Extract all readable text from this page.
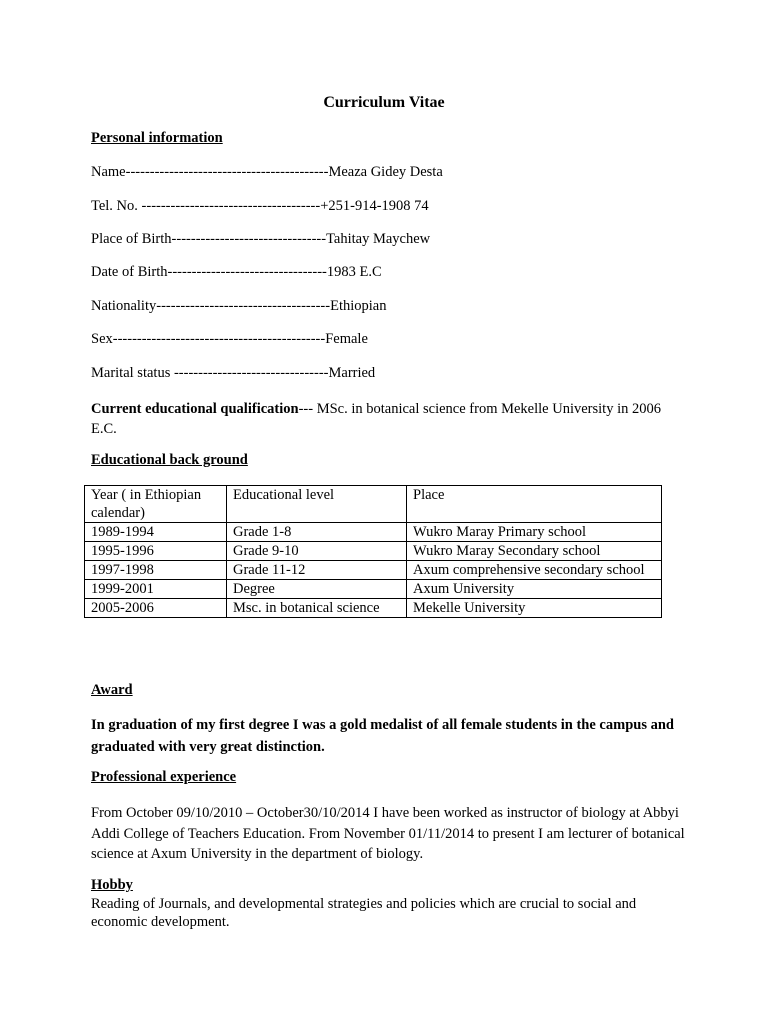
Curriculum Vitae
Personal information
Name------------------------------------------Meaza Gidey Desta
Tel. No. -------------------------------------+251-914-1908 74
Place of Birth--------------------------------Tahitay Maychew
Date of Birth---------------------------------1983 E.C
Nationality------------------------------------Ethiopian
Sex--------------------------------------------Female
Marital status --------------------------------Married
Current educational qualification--- MSc. in botanical science from Mekelle University in 2006 E.C.
Educational back ground
Year ( in Ethiopian calendar)	Educational level	Place
1989-1994	Grade 1-8	Wukro Maray Primary school
1995-1996	Grade 9-10	Wukro Maray Secondary school
1997-1998	Grade 11-12	Axum comprehensive secondary school
1999-2001	Degree	Axum University
2005-2006	Msc. in botanical science	Mekelle University
Award
In graduation of my first degree I was a gold medalist of all female students in the campus and graduated with very great distinction.
Professional experience
From October 09/10/2010 – October30/10/2014 I have been worked as instructor of biology at Abbyi Addi College of Teachers Education. From November 01/11/2014 to present I am lecturer of botanical science at Axum University in the department of biology.
Hobby
Reading of Journals, and developmental strategies and policies which are crucial to social and economic development.
